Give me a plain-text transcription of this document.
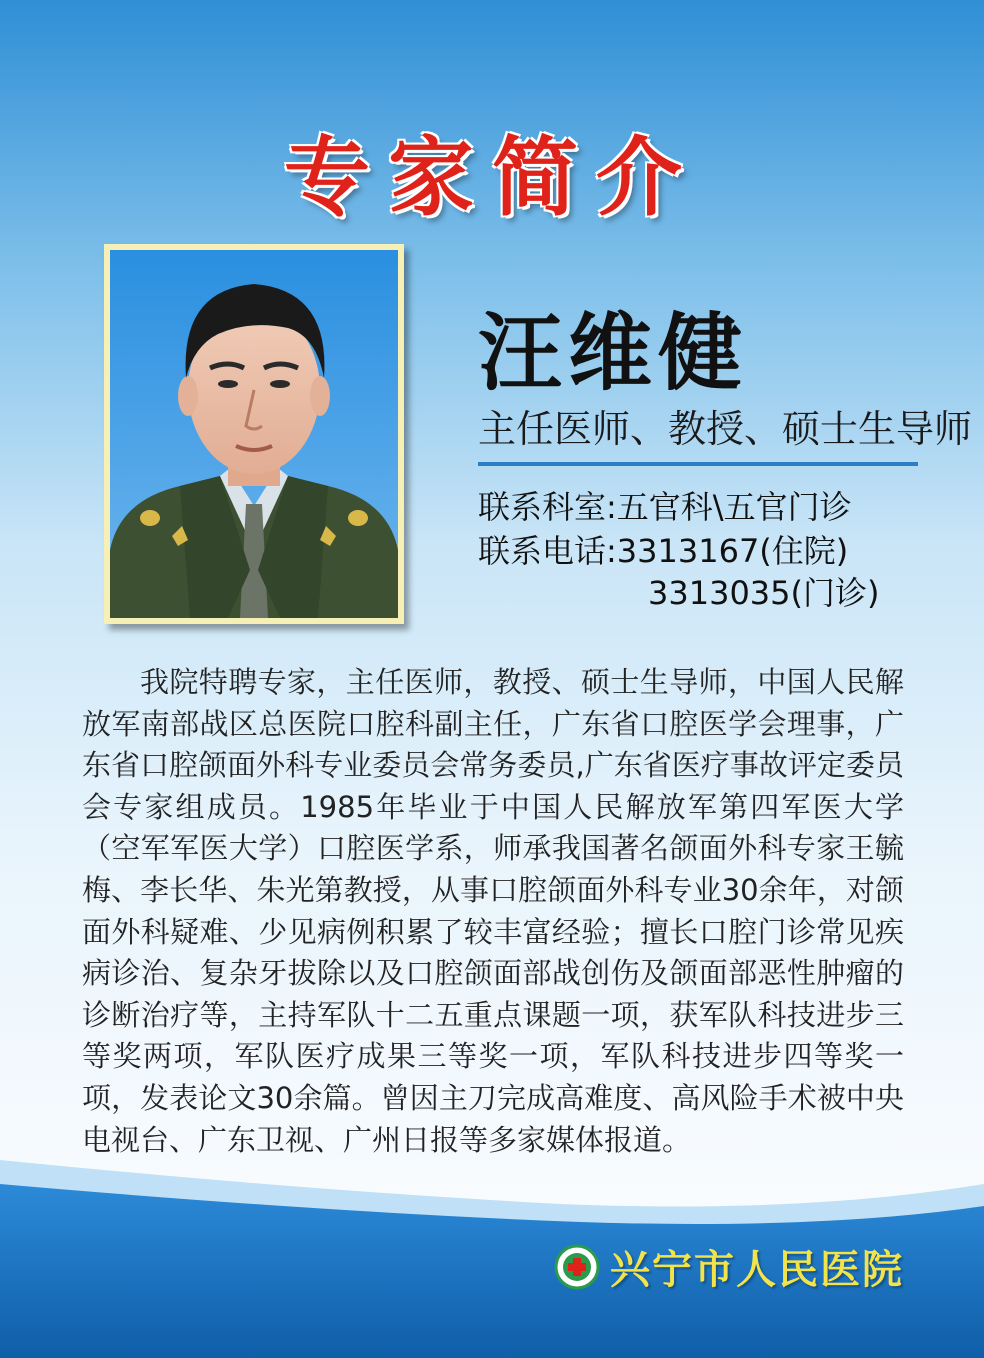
专家简介
汪维健
主任医师、教授、硕士生导师
联系科室:五官科\五官门诊
联系电话:3313167(住院)
3313035(门诊)
我院特聘专家，主任医师，教授、硕士生导师，中国人民解放军南部战区总医院口腔科副主任，广东省口腔医学会理事，广东省口腔颌面外科专业委员会常务委员,广东省医疗事故评定委员会专家组成员。1985年毕业于中国人民解放军第四军医大学（空军军医大学）口腔医学系，师承我国著名颌面外科专家王毓梅、李长华、朱光第教授，从事口腔颌面外科专业30余年，对颌面外科疑难、少见病例积累了较丰富经验；擅长口腔门诊常见疾病诊治、复杂牙拔除以及口腔颌面部战创伤及颌面部恶性肿瘤的诊断治疗等，主持军队十二五重点课题一项，获军队科技进步三等奖两项，军队医疗成果三等奖一项，军队科技进步四等奖一项，发表论文30余篇。曾因主刀完成高难度、高风险手术被中央电视台、广东卫视、广州日报等多家媒体报道。
兴宁市人民医院
